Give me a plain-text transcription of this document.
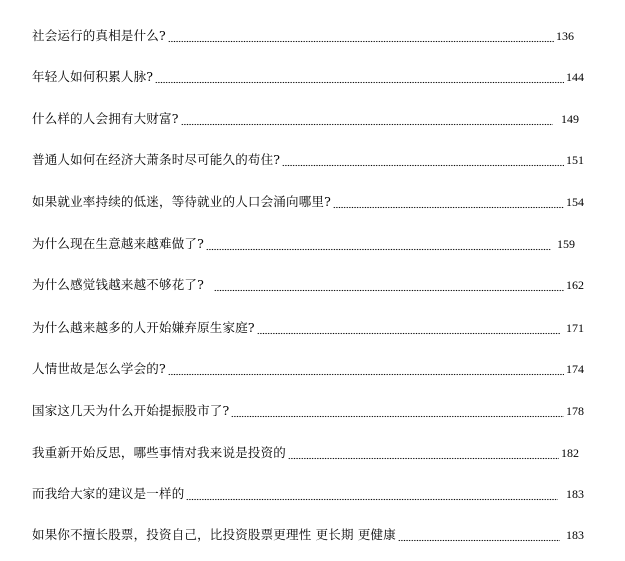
社会运行的真相是什么?	136
年轻人如何积累人脉?	144
什么样的人会拥有大财富?	149
普通人如何在经济大萧条时尽可能久的苟住?	151
如果就业率持续的低迷，等待就业的人口会涌向哪里?	154
为什么现在生意越来越难做了?	159
为什么感觉钱越来越不够花了?	162
为什么越来越多的人开始嫌弃原生家庭?	171
人情世故是怎么学会的?	174
国家这几天为什么开始提振股市了?	178
我重新开始反思，哪些事情对我来说是投资的	182
而我给大家的建议是一样的	183
如果你不擅长股票，投资自己，比投资股票更理性 更长期 更健康	183
